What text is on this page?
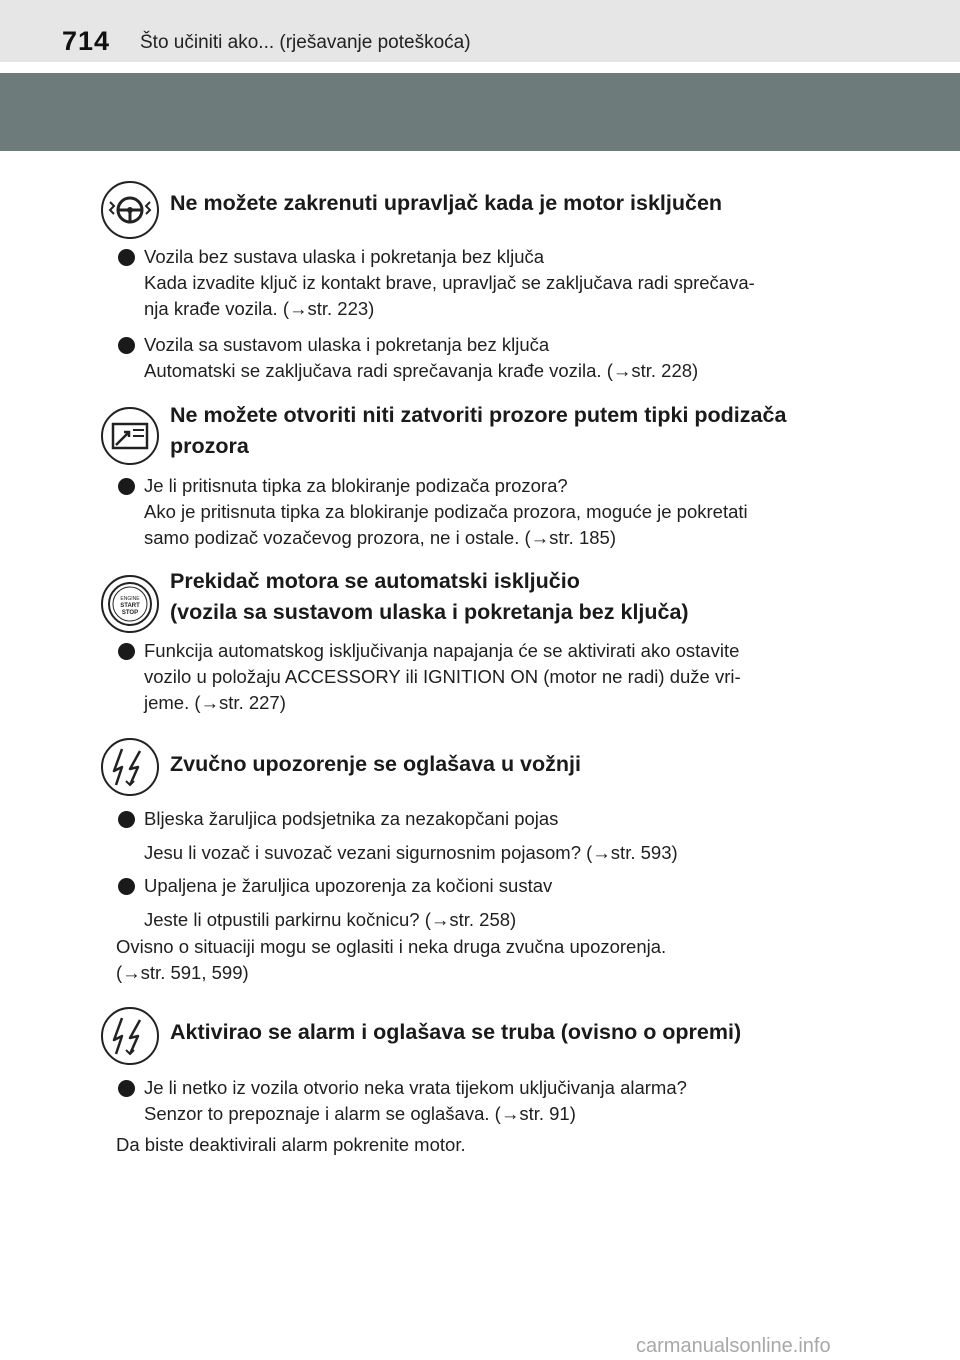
714 Što učiniti ako... (rješavanje poteškoća)
Ne možete zakrenuti upravljač kada je motor isključen
Vozila bez sustava ulaska i pokretanja bez ključa
Kada izvadite ključ iz kontakt brave, upravljač se zaključava radi sprečava-
nja krađe vozila. (→str. 223)
Vozila sa sustavom ulaska i pokretanja bez ključa
Automatski se zaključava radi sprečavanja krađe vozila. (→str. 228)
Ne možete otvoriti niti zatvoriti prozore putem tipki podizača
prozora
Je li pritisnuta tipka za blokiranje podizača prozora?
Ako je pritisnuta tipka za blokiranje podizača prozora, moguće je pokretati
samo podizač vozačevog prozora, ne i ostale. (→str. 185)
ENGINE
START
STOP
Prekidač motora se automatski isključio
(vozila sa sustavom ulaska i pokretanja bez ključa)
Funkcija automatskog isključivanja napajanja će se aktivirati ako ostavite
vozilo u položaju ACCESSORY ili IGNITION ON (motor ne radi) duže vri-
jeme. (→str. 227)
Zvučno upozorenje se oglašava u vožnji
Bljeska žaruljica podsjetnika za nezakopčani pojas
Jesu li vozač i suvozač vezani sigurnosnim pojasom? (→str. 593)
Upaljena je žaruljica upozorenja za kočioni sustav
Jeste li otpustili parkirnu kočnicu? (→str. 258)
Ovisno o situaciji mogu se oglasiti i neka druga zvučna upozorenja.
(→str. 591, 599)
Aktivirao se alarm i oglašava se truba (ovisno o opremi)
Je li netko iz vozila otvorio neka vrata tijekom uključivanja alarma?
Senzor to prepoznaje i alarm se oglašava. (→str. 91)
Da biste deaktivirali alarm pokrenite motor.
carmanualsonline.info
